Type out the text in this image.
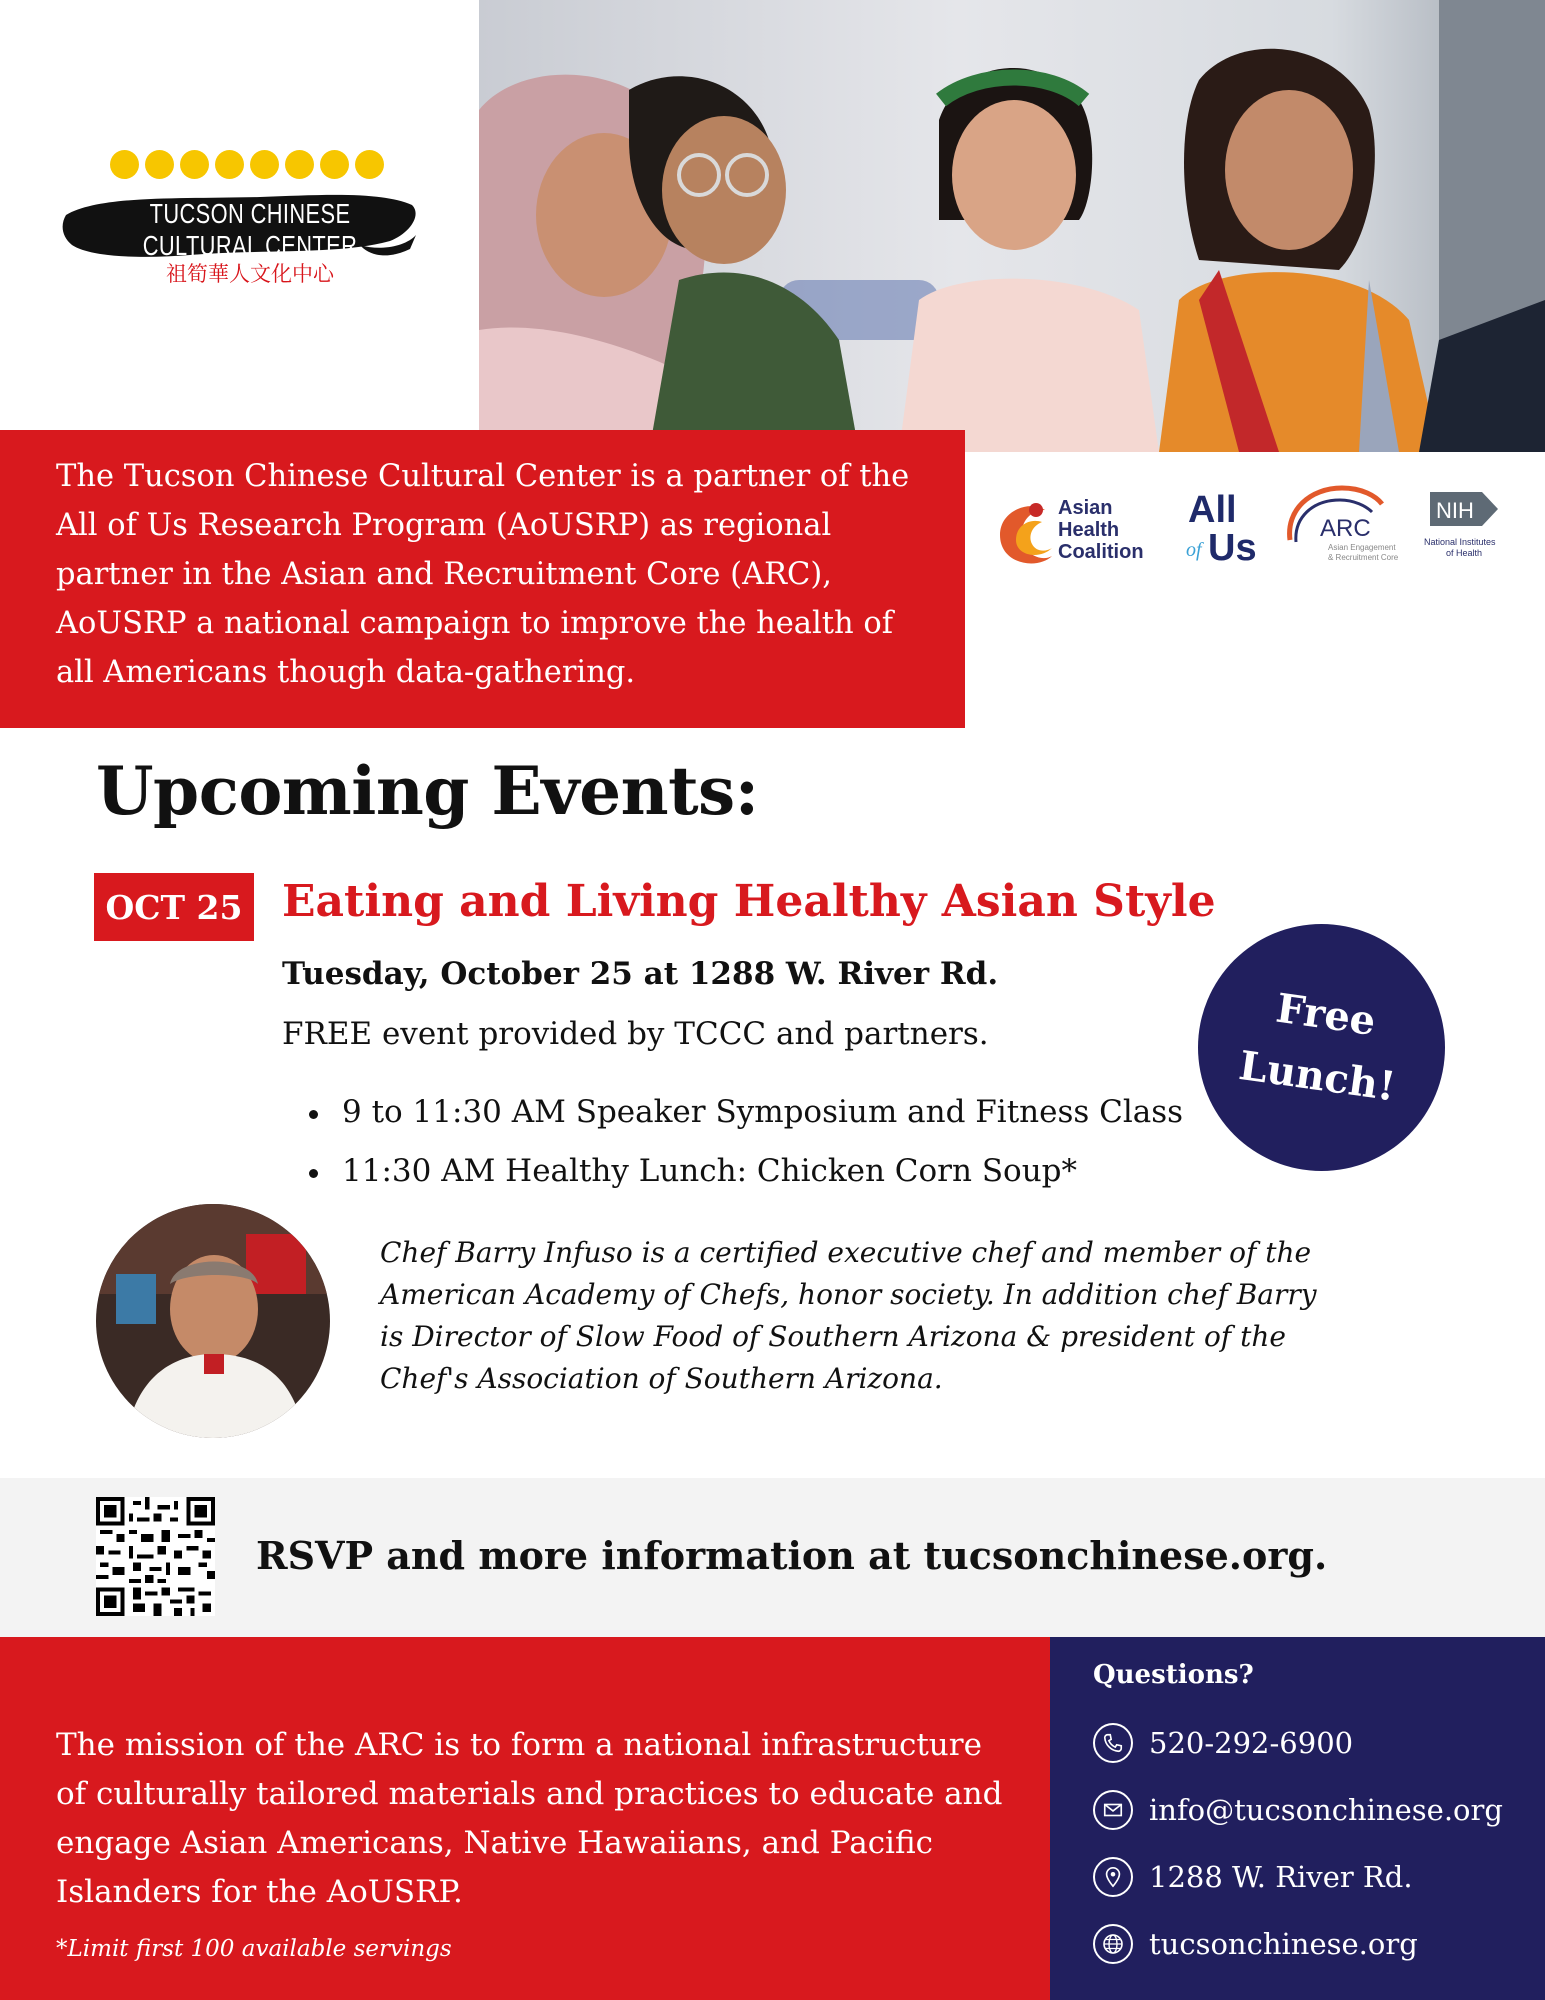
TUCSON CHINESE CULTURAL CENTER
祖筍華人文化中心

The Tucson Chinese Cultural Center is a partner of the All of Us Research Program (AoUSRP) as regional partner in the Asian and Recruitment Core (ARC), AoUSRP a national campaign to improve the health of all Americans though data-gathering.

Asian
Health
Coalition
All
of Us	ARC
Asian Engagement
& Recruitment Core
NIH
National Institutes
of Health
Upcoming Events:
OCT 25 Eating and Living Healthy Asian Style
Tuesday, October 25 at 1288 W. River Rd.
FREE event provided by TCCC and partners.
9 to 11:30 AM Speaker Symposium and Fitness Class
11:30 AM Healthy Lunch: Chicken Corn Soup*
Free
Lunch!

Chef Barry Infuso is a certified executive chef and member of the American Academy of Chefs, honor society. In addition chef Barry is Director of Slow Food of Southern Arizona & president of the Chef's Association of Southern Arizona.

RSVP and more information at tucsonchinese.org.

The mission of the ARC is to form a national infrastructure of culturally tailored materials and practices to educate and engage Asian Americans, Native Hawaiians, and Pacific Islanders for the AoUSRP.

*Limit first 100 available servings
Questions?
520-292-6900
info@tucsonchinese.org
1288 W. River Rd.
tucsonchinese.org
